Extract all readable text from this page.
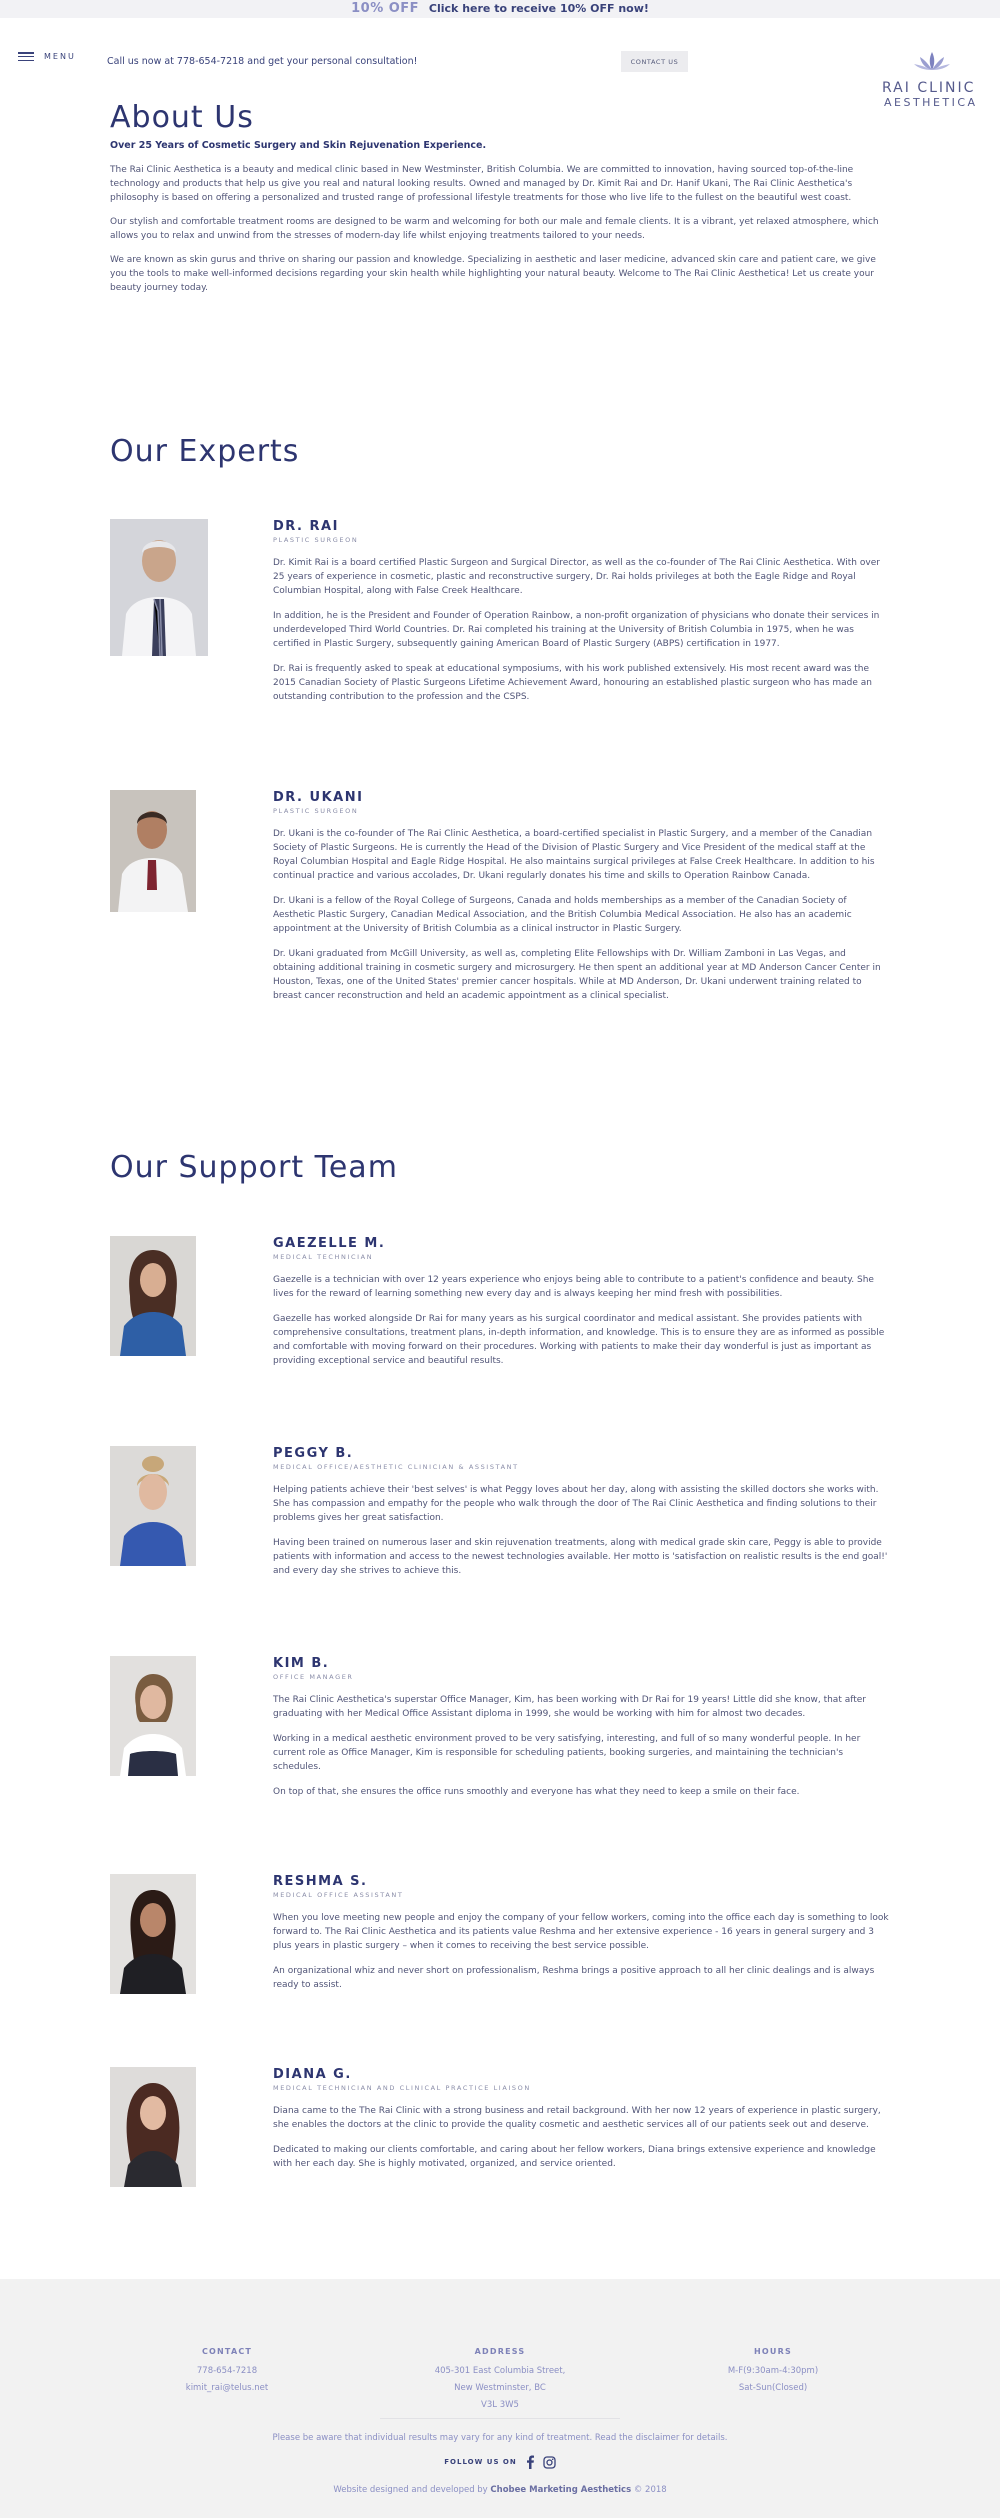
10% OFF Click here to receive 10% OFF now!
MENU	Call us now at 778-654-7218 and get your personal consultation!	CONTACT US
RAI CLINIC
AESTHETICA
About Us
Over 25 Years of Cosmetic Surgery and Skin Rejuvenation Experience.

The Rai Clinic Aesthetica is a beauty and medical clinic based in New Westminster, British Columbia. We are committed to innovation, having sourced top-of-the-line technology and products that help us give you real and natural looking results. Owned and managed by Dr. Kimit Rai and Dr. Hanif Ukani, The Rai Clinic Aesthetica's philosophy is based on offering a personalized and trusted range of professional lifestyle treatments for those who live life to the fullest on the beautiful west coast.

Our stylish and comfortable treatment rooms are designed to be warm and welcoming for both our male and female clients. It is a vibrant, yet relaxed atmosphere, which allows you to relax and unwind from the stresses of modern-day life whilst enjoying treatments tailored to your needs.

We are known as skin gurus and thrive on sharing our passion and knowledge. Specializing in aesthetic and laser medicine, advanced skin care and patient care, we give you the tools to make well-informed decisions regarding your skin health while highlighting your natural beauty. Welcome to The Rai Clinic Aesthetica! Let us create your beauty journey today.

Our Experts
DR. RAI
PLASTIC SURGEON

Dr. Kimit Rai is a board certified Plastic Surgeon and Surgical Director, as well as the co-founder of The Rai Clinic Aesthetica. With over 25 years of experience in cosmetic, plastic and reconstructive surgery, Dr. Rai holds privileges at both the Eagle Ridge and Royal Columbian Hospital, along with False Creek Healthcare.

In addition, he is the President and Founder of Operation Rainbow, a non-profit organization of physicians who donate their services in underdeveloped Third World Countries. Dr. Rai completed his training at the University of British Columbia in 1975, when he was certified in Plastic Surgery, subsequently gaining American Board of Plastic Surgery (ABPS) certification in 1977.

Dr. Rai is frequently asked to speak at educational symposiums, with his work published extensively. His most recent award was the 2015 Canadian Society of Plastic Surgeons Lifetime Achievement Award, honouring an established plastic surgeon who has made an outstanding contribution to the profession and the CSPS.

DR. UKANI
PLASTIC SURGEON

Dr. Ukani is the co-founder of The Rai Clinic Aesthetica, a board-certified specialist in Plastic Surgery, and a member of the Canadian Society of Plastic Surgeons. He is currently the Head of the Division of Plastic Surgery and Vice President of the medical staff at the Royal Columbian Hospital and Eagle Ridge Hospital. He also maintains surgical privileges at False Creek Healthcare. In addition to his continual practice and various accolades, Dr. Ukani regularly donates his time and skills to Operation Rainbow Canada.

Dr. Ukani is a fellow of the Royal College of Surgeons, Canada and holds memberships as a member of the Canadian Society of Aesthetic Plastic Surgery, Canadian Medical Association, and the British Columbia Medical Association. He also has an academic appointment at the University of British Columbia as a clinical instructor in Plastic Surgery.

Dr. Ukani graduated from McGill University, as well as, completing Elite Fellowships with Dr. William Zamboni in Las Vegas, and obtaining additional training in cosmetic surgery and microsurgery. He then spent an additional year at MD Anderson Cancer Center in Houston, Texas, one of the United States' premier cancer hospitals. While at MD Anderson, Dr. Ukani underwent training related to breast cancer reconstruction and held an academic appointment as a clinical specialist.

Our Support Team
GAEZELLE M.
MEDICAL TECHNICIAN

Gaezelle is a technician with over 12 years experience who enjoys being able to contribute to a patient's confidence and beauty. She lives for the reward of learning something new every day and is always keeping her mind fresh with possibilities.

Gaezelle has worked alongside Dr Rai for many years as his surgical coordinator and medical assistant. She provides patients with comprehensive consultations, treatment plans, in-depth information, and knowledge. This is to ensure they are as informed as possible and comfortable with moving forward on their procedures. Working with patients to make their day wonderful is just as important as providing exceptional service and beautiful results.

PEGGY B.
MEDICAL OFFICE/AESTHETIC CLINICIAN & ASSISTANT

Helping patients achieve their 'best selves' is what Peggy loves about her day, along with assisting the skilled doctors she works with. She has compassion and empathy for the people who walk through the door of The Rai Clinic Aesthetica and finding solutions to their problems gives her great satisfaction.

Having been trained on numerous laser and skin rejuvenation treatments, along with medical grade skin care, Peggy is able to provide patients with information and access to the newest technologies available. Her motto is 'satisfaction on realistic results is the end goal!' and every day she strives to achieve this.

KIM B.
OFFICE MANAGER

The Rai Clinic Aesthetica's superstar Office Manager, Kim, has been working with Dr Rai for 19 years! Little did she know, that after graduating with her Medical Office Assistant diploma in 1999, she would be working with him for almost two decades.

Working in a medical aesthetic environment proved to be very satisfying, interesting, and full of so many wonderful people. In her current role as Office Manager, Kim is responsible for scheduling patients, booking surgeries, and maintaining the technician's schedules.

On top of that, she ensures the office runs smoothly and everyone has what they need to keep a smile on their face.

RESHMA S.
MEDICAL OFFICE ASSISTANT

When you love meeting new people and enjoy the company of your fellow workers, coming into the office each day is something to look forward to. The Rai Clinic Aesthetica and its patients value Reshma and her extensive experience - 16 years in general surgery and 3 plus years in plastic surgery – when it comes to receiving the best service possible.

An organizational whiz and never short on professionalism, Reshma brings a positive approach to all her clinic dealings and is always ready to assist.

DIANA G.
MEDICAL TECHNICIAN AND CLINICAL PRACTICE LIAISON

Diana came to the The Rai Clinic with a strong business and retail background. With her now 12 years of experience in plastic surgery, she enables the doctors at the clinic to provide the quality cosmetic and aesthetic services all of our patients seek out and deserve.

Dedicated to making our clients comfortable, and caring about her fellow workers, Diana brings extensive experience and knowledge with her each day. She is highly motivated, organized, and service oriented.

CONTACT
778-654-7218
kimit_rai@telus.net
ADDRESS
405-301 East Columbia Street,
New Westminster, BC
V3L 3W5
HOURS
M-F(9:30am-4:30pm)
Sat-Sun(Closed)
Please be aware that individual results may vary for any kind of treatment. Read the disclaimer for details.
FOLLOW US ON
Website designed and developed by Chobee Marketing Aesthetics © 2018
